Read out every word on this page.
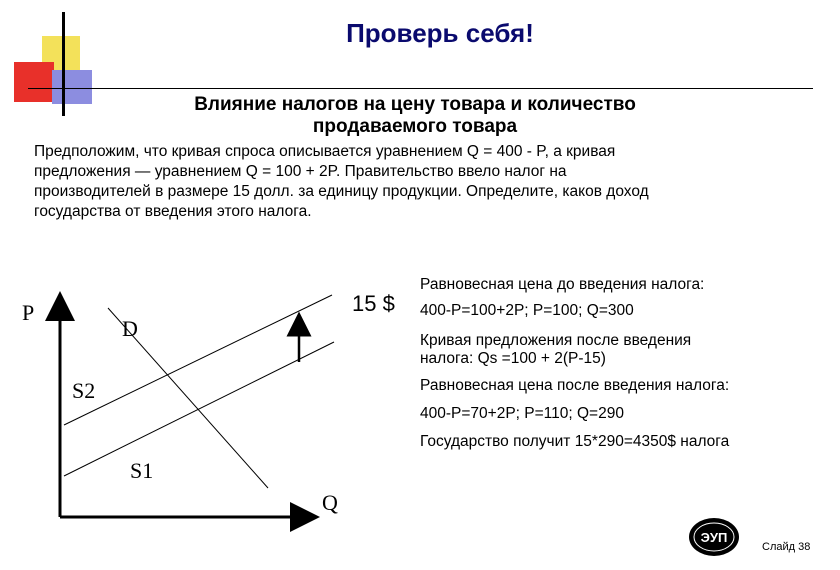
Проверь себя!
Влияние налогов на цену товара и количество
продаваемого товара
Предположим, что кривая спроса описывается уравнением Q = 400 - P, а кривая
предложения — уравнением Q = 100 + 2P. Правительство ввело налог на
производителей в размере 15 долл. за единицу продукции. Определите, каков доход
государства от введения этого налога.
P
Q
D
S2
S1
15 $
Равновесная цена до введения налога:
400-P=100+2P; P=100; Q=300
Кривая предложения после введения
налога: Qs =100 + 2(P-15)
Равновесная цена после введения налога:
400-P=70+2P; P=110; Q=290
Государство получит 15*290=4350$ налога
ЭУП
Слайд 38
